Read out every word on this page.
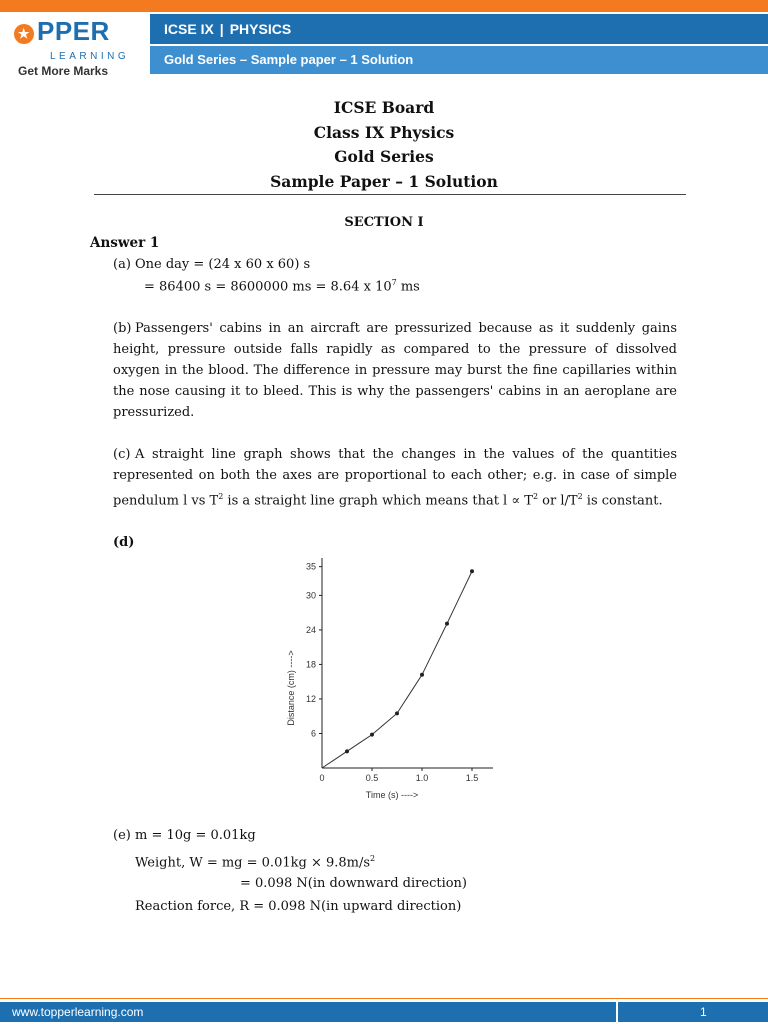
★ PPER
LEARNING
Get More Marks
ICSE IX | PHYSICS
Gold Series – Sample paper – 1 Solution
ICSE Board
Class IX Physics
Gold Series
Sample Paper – 1 Solution
SECTION I
Answer 1
(a) One day = (24 x 60 x 60) s
= 86400 s = 8600000 ms = 8.64 x $10^7$ ms
(b) Passengers' cabins in an aircraft are pressurized because as it suddenly gains height, pressure outside falls rapidly as compared to the pressure of dissolved oxygen in the blood. The difference in pressure may burst the fine capillaries within the nose causing it to bleed. This is why the passengers' cabins in an aeroplane are pressurized.
(c) A straight line graph shows that the changes in the values of the quantities represented on both the axes are proportional to each other; e.g. in case of simple pendulum l vs $T^2$ is a straight line graph which means that $l \propto T^2$ or $l/T^2$ is constant.
(d)
6
12
18
24
30
35
0	0.5	1.0	1.5
Time (s) ---->
Distance (cm) ---->
(e) m = 10g = 0.01kg
Weight, W = mg = $0.01kg \times 9.8m/s^2$
= 0.098 N(in downward direction)
Reaction force, R = 0.098 N(in upward direction)
www.topperlearning.com	1
